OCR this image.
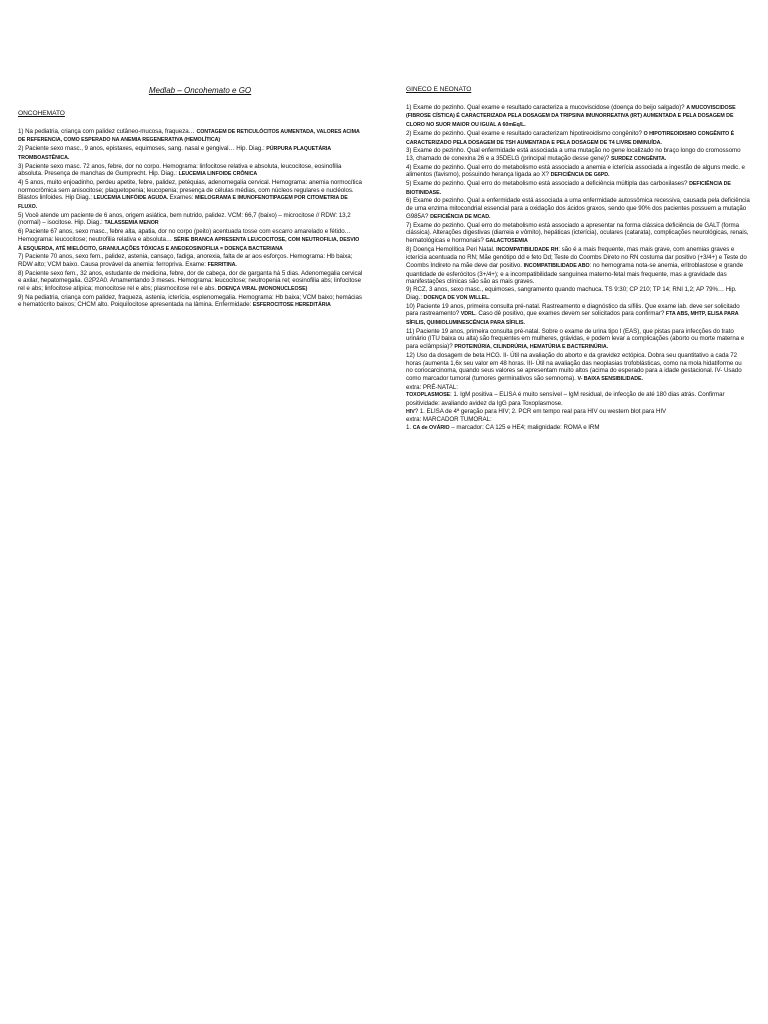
Medlab – Oncohemato e GO
ONCOHEMATO

1) Na pediatria, criança com palidez cutâneo-mucosa, fraqueza… CONTAGEM DE RETICULÓCITOS AUMENTADA, VALORES ACIMA DE REFERENCIA, COMO ESPERADO NA ANEMIA REGENERATIVA (HEMOLÍTICA)

2) Paciente sexo masc., 9 anos, epistaxes, equimoses, sang. nasal e gengival… Hip. Diag.: PÚRPURA PLAQUETÁRIA TROMBOASTÊNICA.

3) Paciente sexo masc. 72 anos, febre, dor no corpo. Hemograma: linfocitose relativa e absoluta, leucocitose, eosinofilia absoluta. Presença de manchas de Gumprecht. Hip. Diag.: LEUCEMIA LINFOIDE CRÔNICA

4) 5 anos, muito enjoadinho, perdeu apetite, febre, palidez, petéquias, adenomegalia cervical. Hemograma: anemia normocítica normocrômica sem anisocitose; plaquetopenia; leucopenia; presença de células médias, com núcleos regulares e nucléolos. Blastos linfoides. Hip Diag.: LEUCEMIA LINFÓIDE AGUDA. Exames: MIELOGRAMA E IMUNOFENOTIPAGEM POR CITOMETRIA DE FLUXO.

5) Você atende um paciente de 6 anos, origem asiática, bem nutrido, palidez. VCM: 66,7 (baixo) – microcitose // RDW: 13,2 (normal) – isocitose. Hip. Diag.: TALASSEMIA MENOR

6) Paciente 67 anos, sexo masc., febre alta, apatia, dor no corpo (peito) acentuada tosse com escarro amarelado e fétido… Hemograma: leucocitose; neutrofilia relativa e absoluta… SÉRIE BRANCA APRESENTA LEUCOCITOSE, COM NEUTROFILIA, DESVIO À ESQUERDA, ATÉ MIELÓCITO, GRANULAÇÕES TÓXICAS E ANEOEOSINOFILIA = DOENÇA BACTERIANA

7) Paciente 70 anos, sexo fem., palidez, astenia, cansaço, fadiga, anorexia, falta de ar aos esforços. Hemograma: Hb baixa; RDW alto; VCM baixo. Causa provável da anemia: ferropriva. Exame: FERRITINA.

8) Paciente sexo fem., 32 anos, estudante de medicina, febre, dor de cabeça, dor de garganta há 5 dias. Adenomegalia cervical e axilar, hepatomegalia. G2P2A0. Amamentando 3 meses. Hemograma: leucocitose; neutropenia rel; eosinofilia abs; linfocitose rel e abs; linfocitose atípica; monocitose rel e abs; plasmocitose rel e abs. DOENÇA VIRAL (MONONUCLEOSE)

9) Na pediatria, criança com palidez, fraqueza, astenia, icterícia, esplenomegalia. Hemograma: Hb baixa; VCM baixo; hemácias e hematócrito baixos; CHCM alto. Poiquilocitose apresentada na lâmina. Enfermidade: ESFEROCITOSE HEREDITÁRIA

GINECO E NEONATO

1) Exame do pezinho. Qual exame e resultado caracteriza a mucoviscidose (doença do beijo salgado)? A MUCOVISCIDOSE (FIBROSE CÍSTICA) É CARACTERIZADA PELA DOSAGEM DA TRIPSINA IMUNORREATIVA (IRT) AUMENTADA E PELA DOSAGEM DE CLORO NO SUOR MAIOR OU IGUAL A 60mEq/L.

2) Exame do pezinho. Qual exame e resultado caracterizam hipotireoidismo congênito? O HIPOTIREOIDISMO CONGÊNITO É CARACTERIZADO PELA DOSAGEM DE TSH AUMENTADA E PELA DOSAGEM DE T4 LIVRE DIMINUÍDA.

3) Exame do pezinho. Qual enfermidade está associada a uma mutação no gene localizado no braço longo do cromossomo 13, chamado de conexina 26 e a 35DELG (principal mutação desse gene)? SURDEZ CONGÊNITA.

4) Exame do pezinho. Qual erro do metabolismo está associado a anemia e icterícia associada a ingestão de alguns medic. e alimentos (favismo), possuindo herança ligada ao X? DEFICIÊNCIA DE G6PD.

5) Exame do pezinho. Qual erro do metabolismo está associado a deficiência múltipla das carboxilases? DEFICIÊNCIA DE BIOTINIDASE.

6) Exame do pezinho. Qual a enfermidade está associada a uma enfermidade autossômica recessiva, causada pela deficiência de uma enzima mitocondrial essencial para a oxidação dos ácidos graxos, sendo que 90% dos pacientes possuem a mutação G985A? DEFICIÊNCIA DE MCAD.

7) Exame do pezinho. Qual erro do metabolismo está associado a apresentar na forma clássica deficiência de GALT (forma clássica). Alterações digestivas (diarreia e vômito), hepáticas (icterícia), oculares (catarata), complicações neurológicas, renais, hematológicas e hormonais? GALACTOSEMIA

8) Doença Hemolítica Peri Natal. INCOMPATIBILIDADE RH: são é a mais frequente, mas mais grave, com anemias graves e icterícia acentuada no RN; Mãe genótipo dd e feto Dd; Teste do Coombs Direto no RN costuma dar positivo (+3/4+) e Teste do Coombs Indireto na mãe deve dar positivo. INCOMPATIBILIDADE ABO: no hemograma nota-se anemia, eritroblastose e grande quantidade de esferócitos (3+/4+); e a incompatibilidade sanguínea materno-fetal mais frequente, mas a gravidade das manifestações clínicas são são as mais graves.

9) RCZ, 3 anos, sexo masc., equimoses, sangramento quando machuca. TS 9:30; CP 210; TP 14; RNI 1,2; AP 79%… Hip. Diag.: DOENÇA DE VON WILLEL.

10) Paciente 19 anos, primeira consulta pré-natal. Rastreamento e diagnóstico da sífilis. Que exame lab. deve ser solicitado para rastreamento? VDRL. Caso dê positivo, que exames devem ser solicitados para confirmar? FTA ABS, MHTP, ELISA PARA SÍFILIS, QUIMIOLUMINESCÊNCIA PARA SÍFILIS.

11) Paciente 19 anos, primeira consulta pré-natal. Sobre o exame de urina tipo I (EAS), que pistas para infecções do trato urinário (ITU baixa ou alta) são frequentes em mulheres, grávidas, e podem levar a complicações (aborto ou morte materna e para eclâmpsia)? PROTEINÚRIA, CILINDRÚRIA, HEMATÚRIA E BACTERINÚRIA.

12) Uso da dosagem de beta HCG. II- Útil na avaliação do aborto e da gravidez ectópica. Dobra seu quantitativo a cada 72 horas (aumenta 1,6x seu valor em 48 horas. III- Útil na avaliação das neoplasias trofoblásticas, como na mola hidatiforme ou no coriocarcinoma, quando seus valores se apresentam muito altos (acima do esperado para a idade gestacional. IV- Usado como marcador tumoral (tumores germinativos são semnoma). V- BAIXA SENSIBILIDADE.

extra: PRÉ-NATAL:

TOXOPLASMOSE: 1. IgM positiva – ELISA é muito sensível – IgM residual, de infecção de até 180 dias atrás. Confirmar positividade: avaliando avidez da IgG para Toxoplasmose.

HIV? 1. ELISA de 4ª geração para HIV; 2. PCR em tempo real para HIV ou western blot para HIV

extra: MARCADOR TUMORAL:

1. CA de OVÁRIO – marcador: CA 125 e HE4; malignidade: ROMA e IRM
